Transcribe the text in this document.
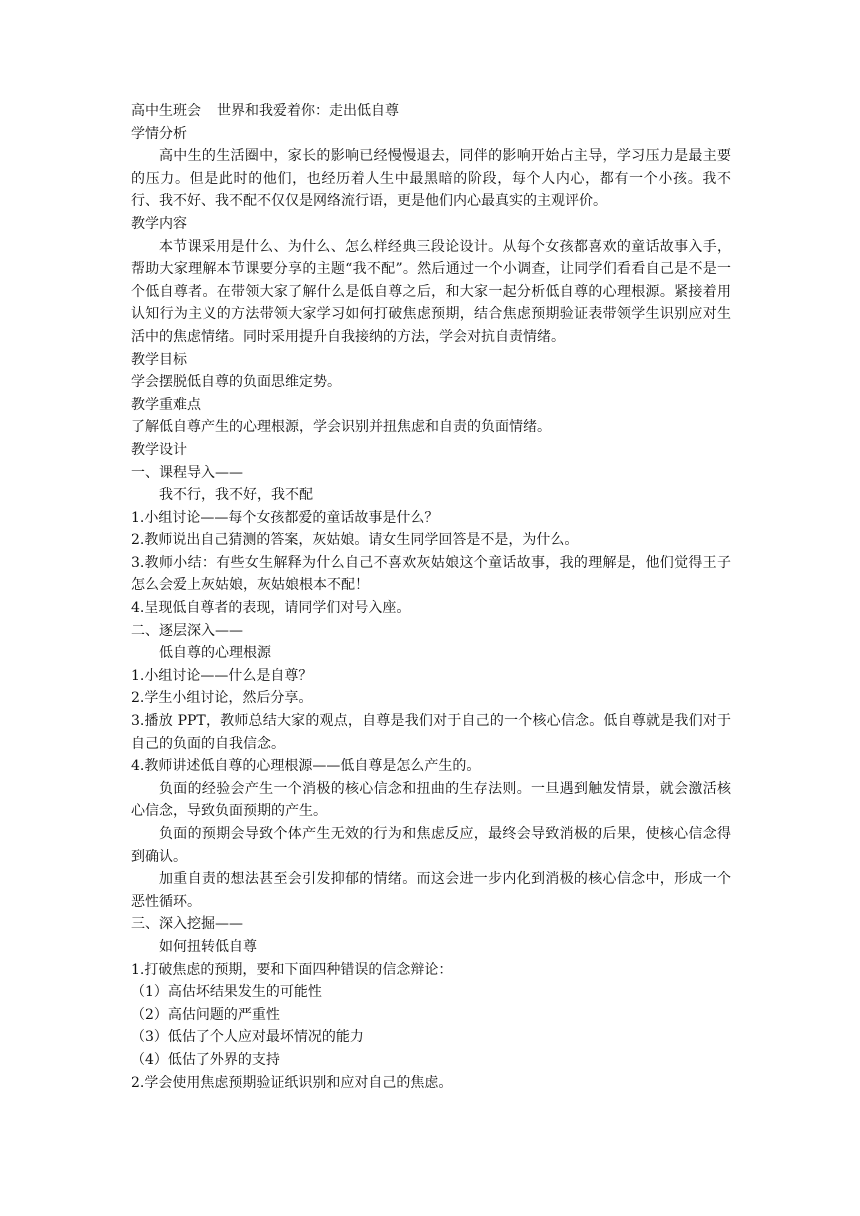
高中生班会 世界和我爱着你：走出低自尊
学情分析

高中生的生活圈中，家长的影响已经慢慢退去，同伴的影响开始占主导，学习压力是最主要的压力。但是此时的他们，也经历着人生中最黑暗的阶段，每个人内心，都有一个小孩。我不行、我不好、我不配不仅仅是网络流行语，更是他们内心最真实的主观评价。

教学内容

本节课采用是什么、为什么、怎么样经典三段论设计。从每个女孩都喜欢的童话故事入手，帮助大家理解本节课要分享的主题“我不配”。然后通过一个小调查，让同学们看看自己是不是一个低自尊者。在带领大家了解什么是低自尊之后，和大家一起分析低自尊的心理根源。紧接着用认知行为主义的方法带领大家学习如何打破焦虑预期，结合焦虑预期验证表带领学生识别应对生活中的焦虑情绪。同时采用提升自我接纳的方法，学会对抗自责情绪。

教学目标
学会摆脱低自尊的负面思维定势。
教学重难点
了解低自尊产生的心理根源，学会识别并扭焦虑和自责的负面情绪。
教学设计
一、课程导入——
我不行，我不好，我不配
1.小组讨论——每个女孩都爱的童话故事是什么？
2.教师说出自己猜测的答案，灰姑娘。请女生同学回答是不是，为什么。

3.教师小结：有些女生解释为什么自己不喜欢灰姑娘这个童话故事，我的理解是，他们觉得王子怎么会爱上灰姑娘，灰姑娘根本不配！

4.呈现低自尊者的表现，请同学们对号入座。
二、逐层深入——
低自尊的心理根源
1.小组讨论——什么是自尊？
2.学生小组讨论，然后分享。

3.播放 PPT，教师总结大家的观点，自尊是我们对于自己的一个核心信念。低自尊就是我们对于自己的负面的自我信念。

4.教师讲述低自尊的心理根源——低自尊是怎么产生的。

负面的经验会产生一个消极的核心信念和扭曲的生存法则。一旦遇到触发情景，就会激活核心信念，导致负面预期的产生。

负面的预期会导致个体产生无效的行为和焦虑反应，最终会导致消极的后果，使核心信念得到确认。

加重自责的想法甚至会引发抑郁的情绪。而这会进一步内化到消极的核心信念中，形成一个恶性循环。

三、深入挖掘——
如何扭转低自尊
1.打破焦虑的预期，要和下面四种错误的信念辩论：
（1）高估坏结果发生的可能性
（2）高估问题的严重性
（3）低估了个人应对最坏情况的能力
（4）低估了外界的支持
2.学会使用焦虑预期验证纸识别和应对自己的焦虑。
